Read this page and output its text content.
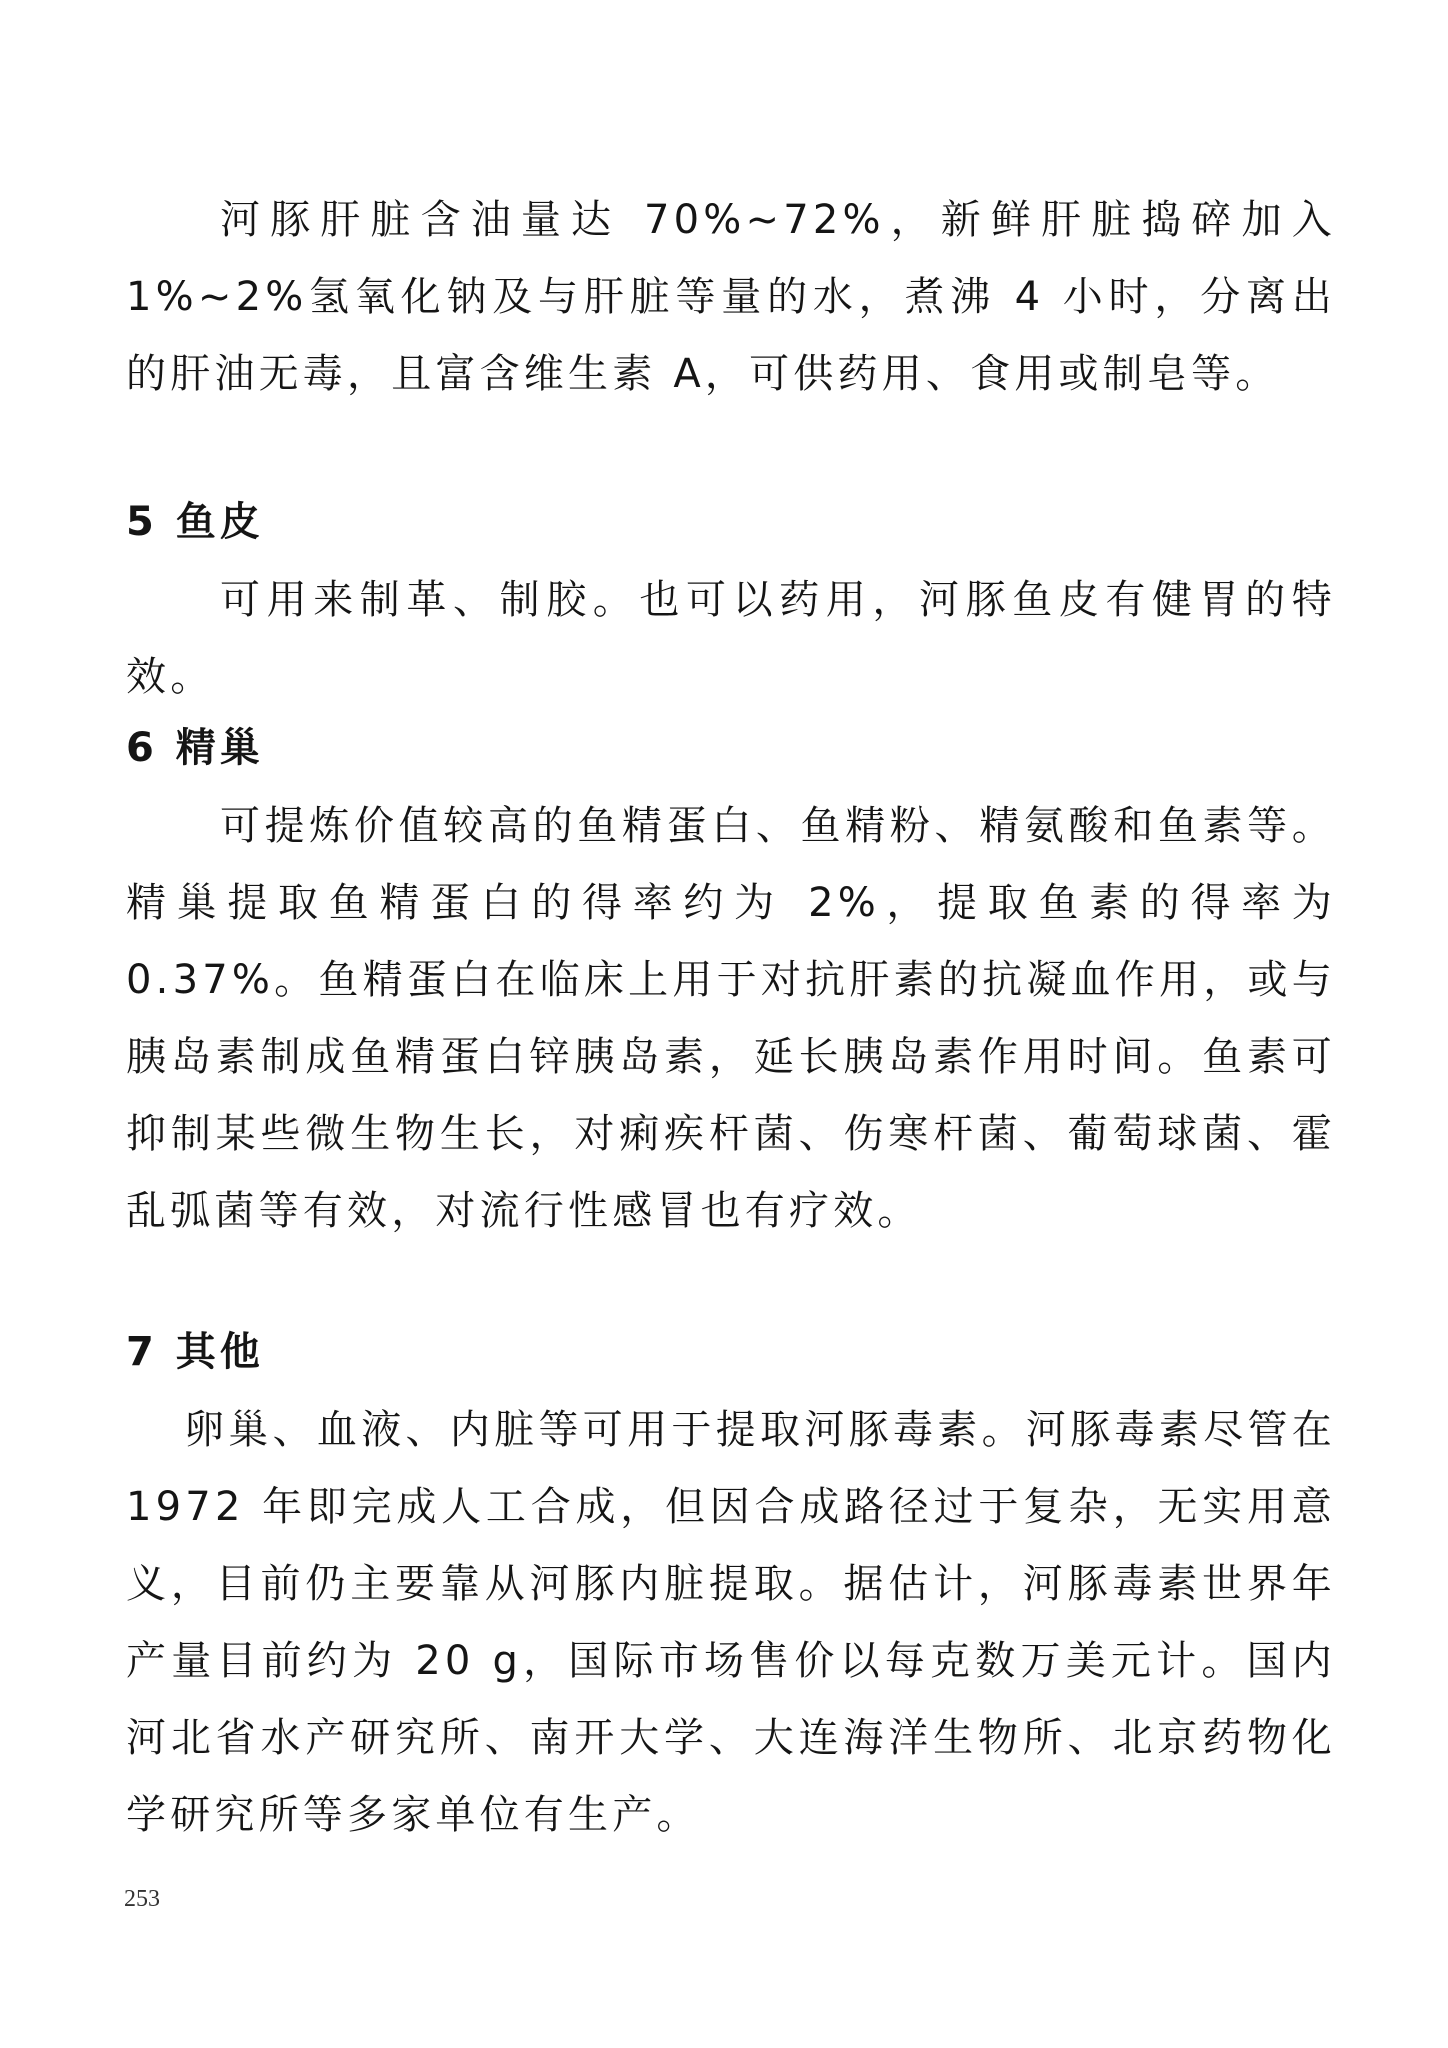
河豚肝脏含油量达 70%~72%，新鲜肝脏捣碎加入 1%~2%氢氧化钠及与肝脏等量的水，煮沸 4 小时，分离出的肝油无毒，且富含维生素 A，可供药用、食用或制皂等。

5 鱼皮

可用来制革、制胶。也可以药用，河豚鱼皮有健胃的特效。

6 精巢

可提炼价值较高的鱼精蛋白、鱼精粉、精氨酸和鱼素等。精巢提取鱼精蛋白的得率约为 2%，提取鱼素的得率为 0.37%。鱼精蛋白在临床上用于对抗肝素的抗凝血作用，或与胰岛素制成鱼精蛋白锌胰岛素，延长胰岛素作用时间。鱼素可抑制某些微生物生长，对痢疾杆菌、伤寒杆菌、葡萄球菌、霍乱弧菌等有效，对流行性感冒也有疗效。

7 其他

卵巢、血液、内脏等可用于提取河豚毒素。河豚毒素尽管在 1972 年即完成人工合成，但因合成路径过于复杂，无实用意义，目前仍主要靠从河豚内脏提取。据估计，河豚毒素世界年产量目前约为 20 g，国际市场售价以每克数万美元计。国内河北省水产研究所、南开大学、大连海洋生物所、北京药物化学研究所等多家单位有生产。

253
